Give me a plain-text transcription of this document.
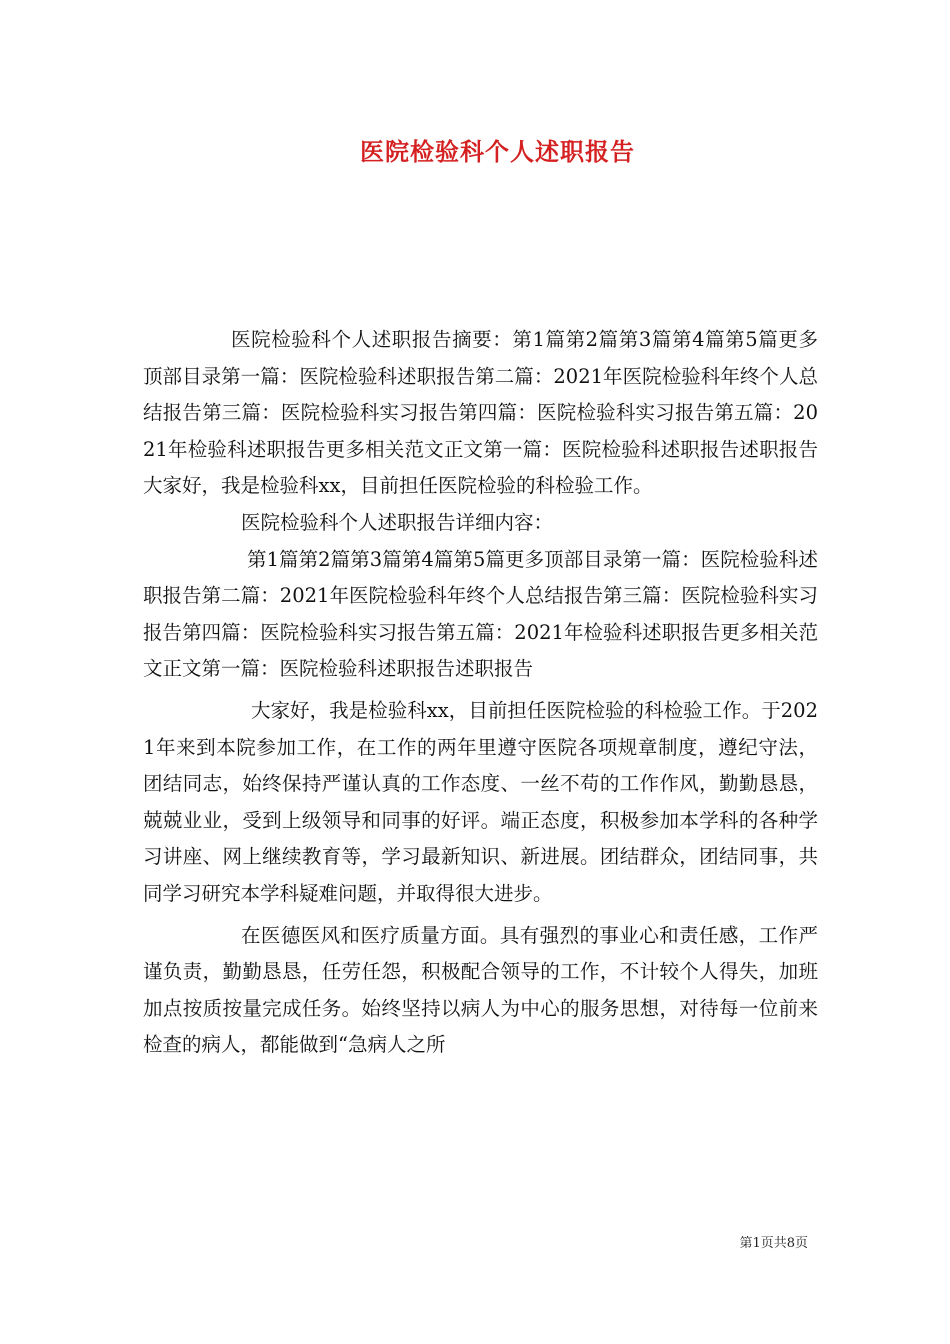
医院检验科个人述职报告

医院检验科个人述职报告摘要：第1篇第2篇第3篇第4篇第5篇更多顶部目录第一篇：医院检验科述职报告第二篇：2021年医院检验科年终个人总结报告第三篇：医院检验科实习报告第四篇：医院检验科实习报告第五篇：2021年检验科述职报告更多相关范文正文第一篇：医院检验科述职报告述职报告大家好，我是检验科xx，目前担任医院检验的科检验工作。

医院检验科个人述职报告详细内容：

第1篇第2篇第3篇第4篇第5篇更多顶部目录第一篇：医院检验科述职报告第二篇：2021年医院检验科年终个人总结报告第三篇：医院检验科实习报告第四篇：医院检验科实习报告第五篇：2021年检验科述职报告更多相关范文正文第一篇：医院检验科述职报告述职报告

大家好，我是检验科xx，目前担任医院检验的科检验工作。于2021年来到本院参加工作，在工作的两年里遵守医院各项规章制度，遵纪守法，团结同志，始终保持严谨认真的工作态度、一丝不苟的工作作风，勤勤恳恳，兢兢业业，受到上级领导和同事的好评。端正态度，积极参加本学科的各种学习讲座、网上继续教育等，学习最新知识、新进展。团结群众，团结同事，共同学习研究本学科疑难问题，并取得很大进步。

在医德医风和医疗质量方面。具有强烈的事业心和责任感，工作严谨负责，勤勤恳恳，任劳任怨，积极配合领导的工作，不计较个人得失，加班加点按质按量完成任务。始终坚持以病人为中心的服务思想，对待每一位前来检查的病人，都能做到“急病人之所

第1页共8页
